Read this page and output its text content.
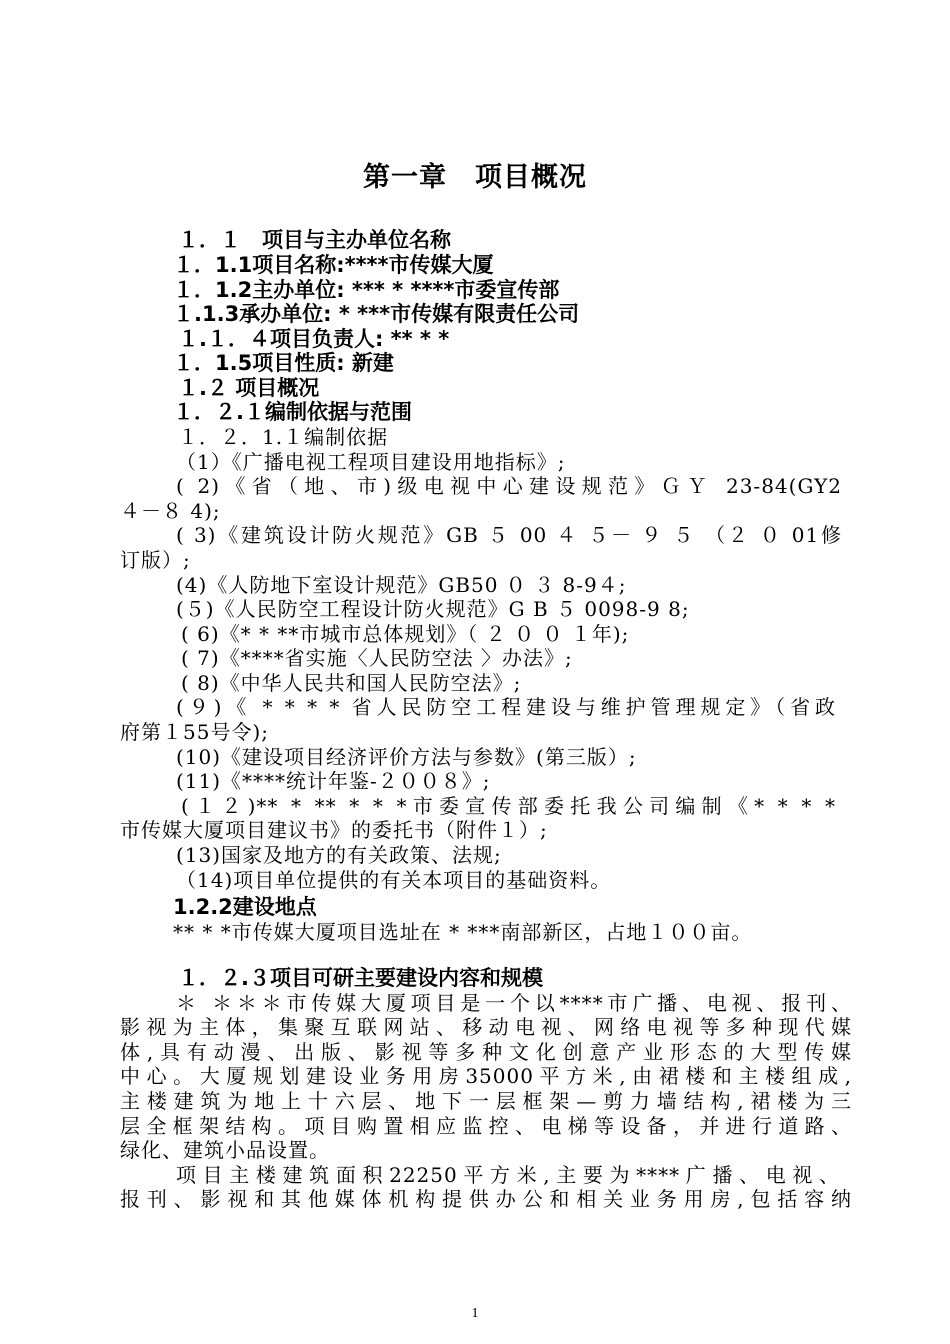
第一章　项目概况
１．１　项目与主办单位名称
１．1.1项目名称:****市传媒大厦
１．1.2主办单位: *** * ****市委宣传部
１.1.3承办单位: * ***市传媒有限责任公司
１.１．４项目负责人: ** * *
１．1.5项目性质: 新建
１.２ 项目概况
１．２.１编制依据与范围
１．２．1.１编制依据
（1）《广播电视工程项目建设用地指标》;
( 2)《省（地、市)级电视中心建设规范》ＧＹ 23-84(GY2
４－８ 4);
( 3)《建筑设计防火规范》GB ５ 00 ４ ５－ ９ ５ （２ ０ 01修
订版）;
(4)《人防地下室设计规范》GB50 ０ ３ 8-9４;
(５)《人民防空工程设计防火规范》G B ５ 0098-9 8;
( 6)《* * **市城市总体规划》（ ２ ０ ０ １年);
( 7)《****省实施〈人民防空法 〉办法》;
( 8)《中华人民共和国人民防空法》;
(９)《 * * * * 省人民防空工程建设与维护管理规定》（省政
府第１55号令);
(10)《建设项目经济评价方法与参数》(第三版）;
(11)《****统计年鉴-２００８》;
(１２)** * ** * * *市委宣传部委托我公司编制《* * * *
市传媒大厦项目建议书》的委托书（附件１）;
(13)国家及地方的有关政策、法规;
（14)项目单位提供的有关本项目的基础资料。
1.2.2建设地点
** * *市传媒大厦项目选址在 * ***南部新区，占地１００亩。
１．２.３项目可研主要建设内容和规模
＊ ＊＊＊市传媒大厦项目是一个以****市广播、电视、报刊、
影视为主体，集聚互联网站、移动电视、网络电视等多种现代媒
体,具有动漫、出版、影视等多种文化创意产业形态的大型传媒
中心。大厦规划建设业务用房35000平方米,由裙楼和主楼组成,
主楼建筑为地上十六层、地下一层框架—剪力墙结构,裙楼为三
层全框架结构。项目购置相应监控、电梯等设备，并进行道路、
绿化、建筑小品设置。
项目主楼建筑面积22250平方米,主要为****广播、电视、
报刊、影视和其他媒体机构提供办公和相关业务用房,包括容纳
1
